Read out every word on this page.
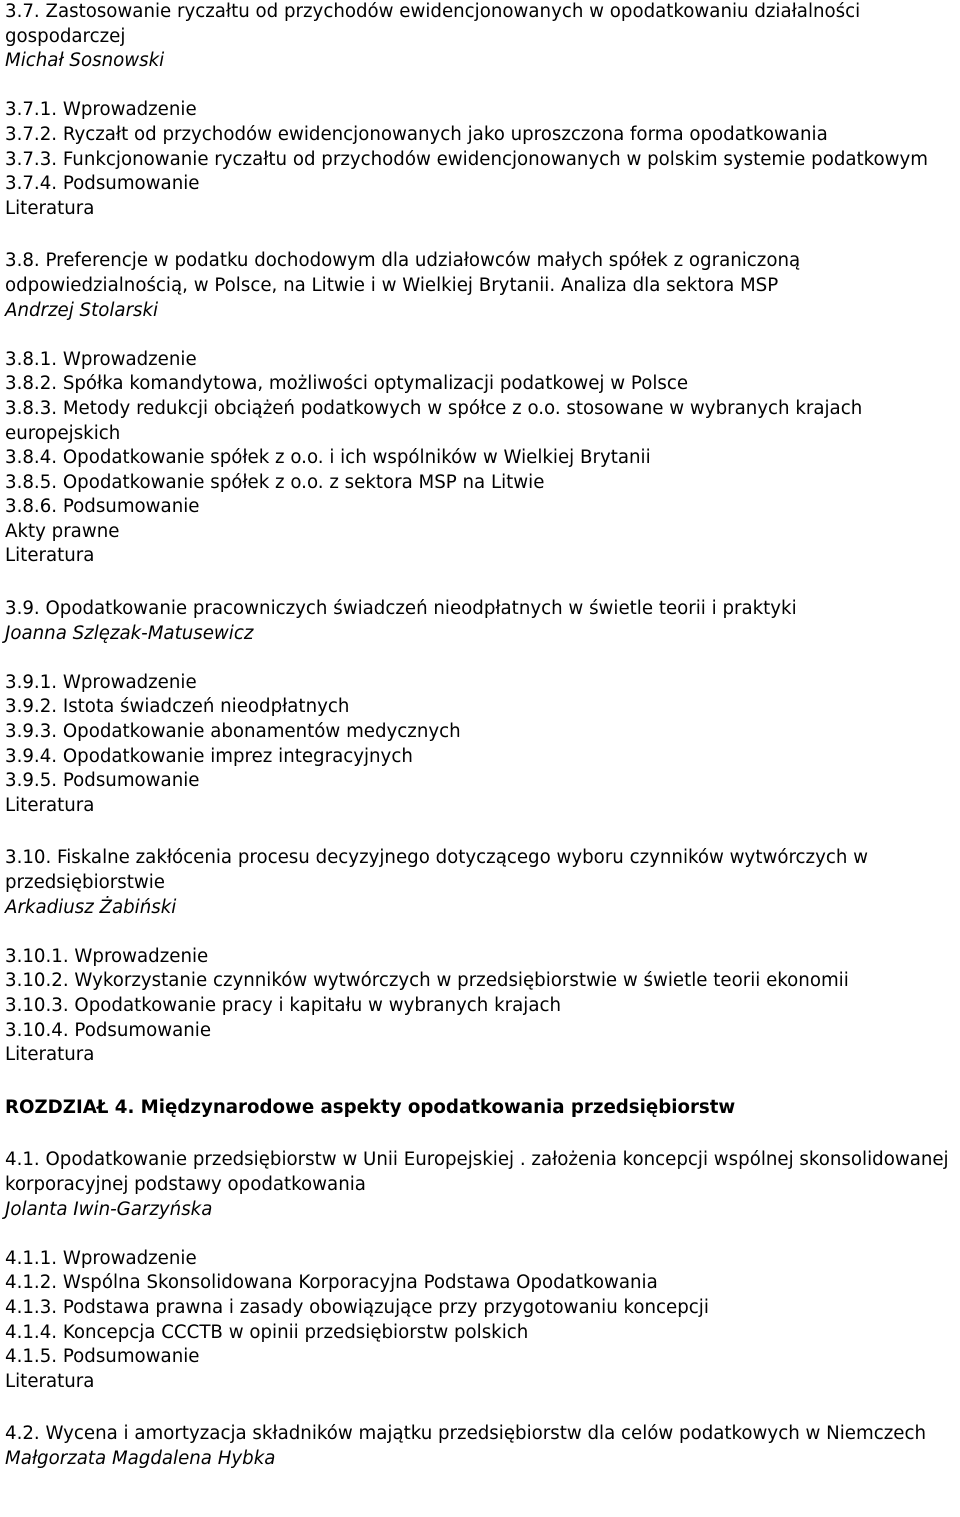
3.7. Zastosowanie ryczałtu od przychodów ewidencjonowanych w opodatkowaniu działalności gospodarczej
Michał Sosnowski
3.7.1. Wprowadzenie
3.7.2. Ryczałt od przychodów ewidencjonowanych jako uproszczona forma opodatkowania
3.7.3. Funkcjonowanie ryczałtu od przychodów ewidencjonowanych w polskim systemie podatkowym
3.7.4. Podsumowanie
Literatura
3.8. Preferencje w podatku dochodowym dla udziałowców małych spółek z ograniczoną odpowiedzialnością, w Polsce, na Litwie i w Wielkiej Brytanii. Analiza dla sektora MSP
Andrzej Stolarski
3.8.1. Wprowadzenie
3.8.2. Spółka komandytowa, możliwości optymalizacji podatkowej w Polsce
3.8.3. Metody redukcji obciążeń podatkowych w spółce z o.o. stosowane w wybranych krajach europejskich
3.8.4. Opodatkowanie spółek z o.o. i ich wspólników w Wielkiej Brytanii
3.8.5. Opodatkowanie spółek z o.o. z sektora MSP na Litwie
3.8.6. Podsumowanie
Akty prawne
Literatura
3.9. Opodatkowanie pracowniczych świadczeń nieodpłatnych w świetle teorii i praktyki
Joanna Szlęzak-Matusewicz
3.9.1. Wprowadzenie
3.9.2. Istota świadczeń nieodpłatnych
3.9.3. Opodatkowanie abonamentów medycznych
3.9.4. Opodatkowanie imprez integracyjnych
3.9.5. Podsumowanie
Literatura
3.10. Fiskalne zakłócenia procesu decyzyjnego dotyczącego wyboru czynników wytwórczych w przedsiębiorstwie
Arkadiusz Żabiński
3.10.1. Wprowadzenie
3.10.2. Wykorzystanie czynników wytwórczych w przedsiębiorstwie w świetle teorii ekonomii
3.10.3. Opodatkowanie pracy i kapitału w wybranych krajach
3.10.4. Podsumowanie
Literatura
ROZDZIAŁ 4. Międzynarodowe aspekty opodatkowania przedsiębiorstw
4.1. Opodatkowanie przedsiębiorstw w Unii Europejskiej . założenia koncepcji wspólnej skonsolidowanej korporacyjnej podstawy opodatkowania
Jolanta Iwin-Garzyńska
4.1.1. Wprowadzenie
4.1.2. Wspólna Skonsolidowana Korporacyjna Podstawa Opodatkowania
4.1.3. Podstawa prawna i zasady obowiązujące przy przygotowaniu koncepcji
4.1.4. Koncepcja CCCTB w opinii przedsiębiorstw polskich
4.1.5. Podsumowanie
Literatura
4.2. Wycena i amortyzacja składników majątku przedsiębiorstw dla celów podatkowych w Niemczech
Małgorzata Magdalena Hybka
